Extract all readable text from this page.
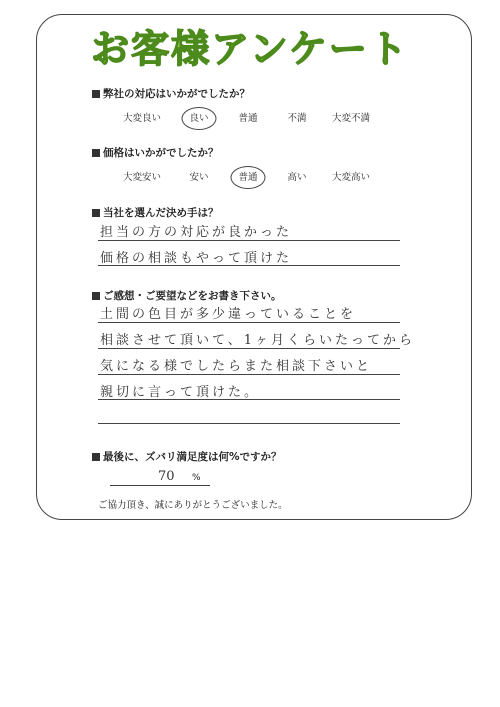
お客様アンケート
弊社の対応はいかがでしたか？
大変良い	良い	普通	不満	大変不満
価格はいかがでしたか？
大変安い	安い	普通	高い	大変高い
当社を選んだ決め手は？
担当の方の対応が良かった
価格の相談もやって頂けた
ご感想・ご要望などをお書き下さい。
土間の色目が多少違っていることを
相談させて頂いて、1ヶ月くらいたってから
気になる様でしたらまた相談下さいと
親切に言って頂けた。
最後に、ズバリ満足度は何%ですか？
70 %
ご協力頂き、誠にありがとうございました。
